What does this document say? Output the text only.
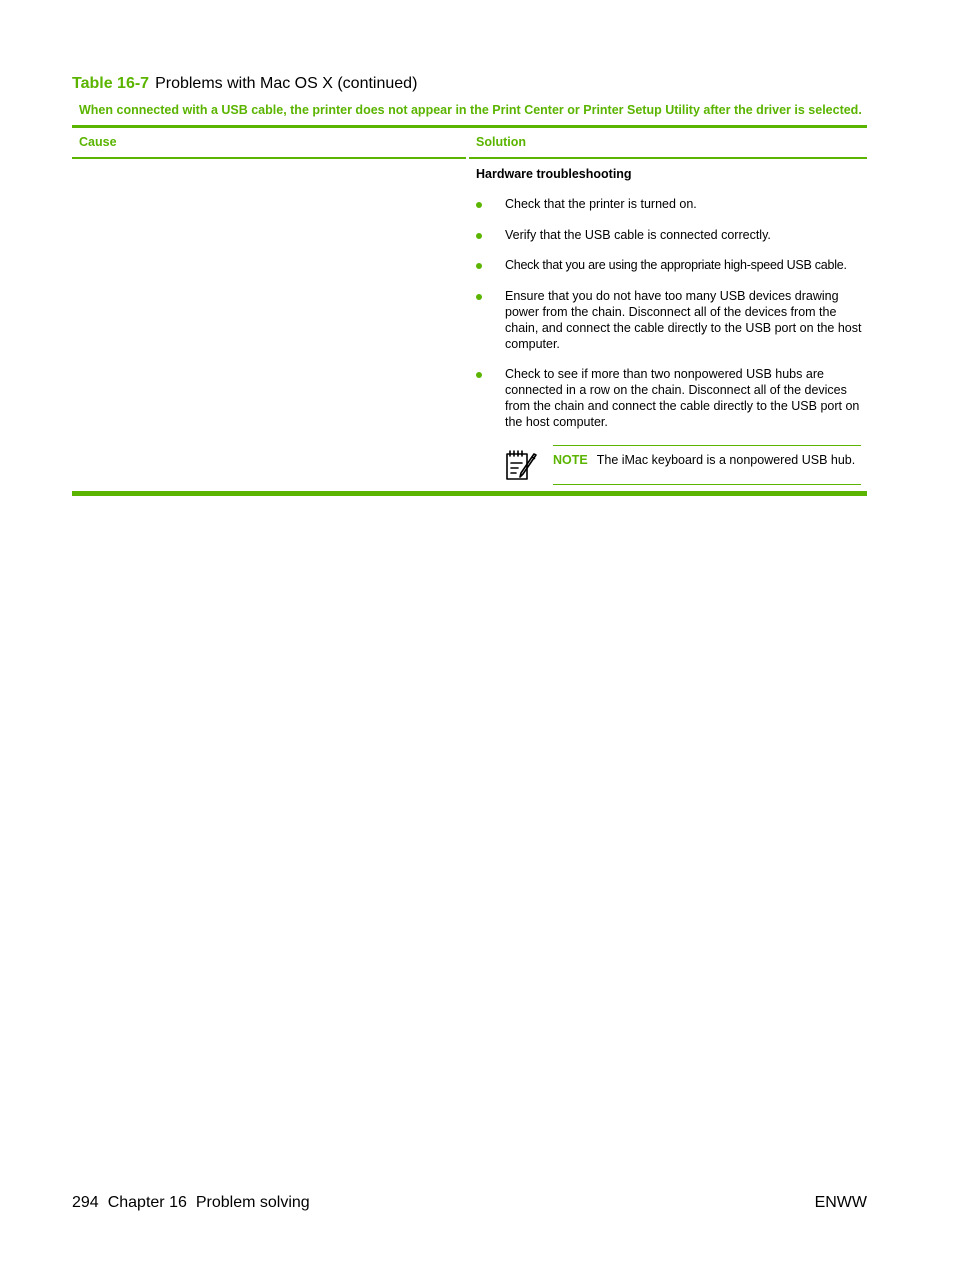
Table 16-7 Problems with Mac OS X (continued)
When connected with a USB cable, the printer does not appear in the Print Center or Printer Setup Utility after the driver is selected.
Cause	Solution
Hardware troubleshooting
Check that the printer is turned on.
Verify that the USB cable is connected correctly.
Check that you are using the appropriate high-speed USB cable.
Ensure that you do not have too many USB devices drawing power from the chain. Disconnect all of the devices from the chain, and connect the cable directly to the USB port on the host computer.
Check to see if more than two nonpowered USB hubs are connected in a row on the chain. Disconnect all of the devices from the chain and connect the cable directly to the USB port on the host computer.
NOTE The iMac keyboard is a nonpowered USB hub.
294 Chapter 16 Problem solving	ENWW
